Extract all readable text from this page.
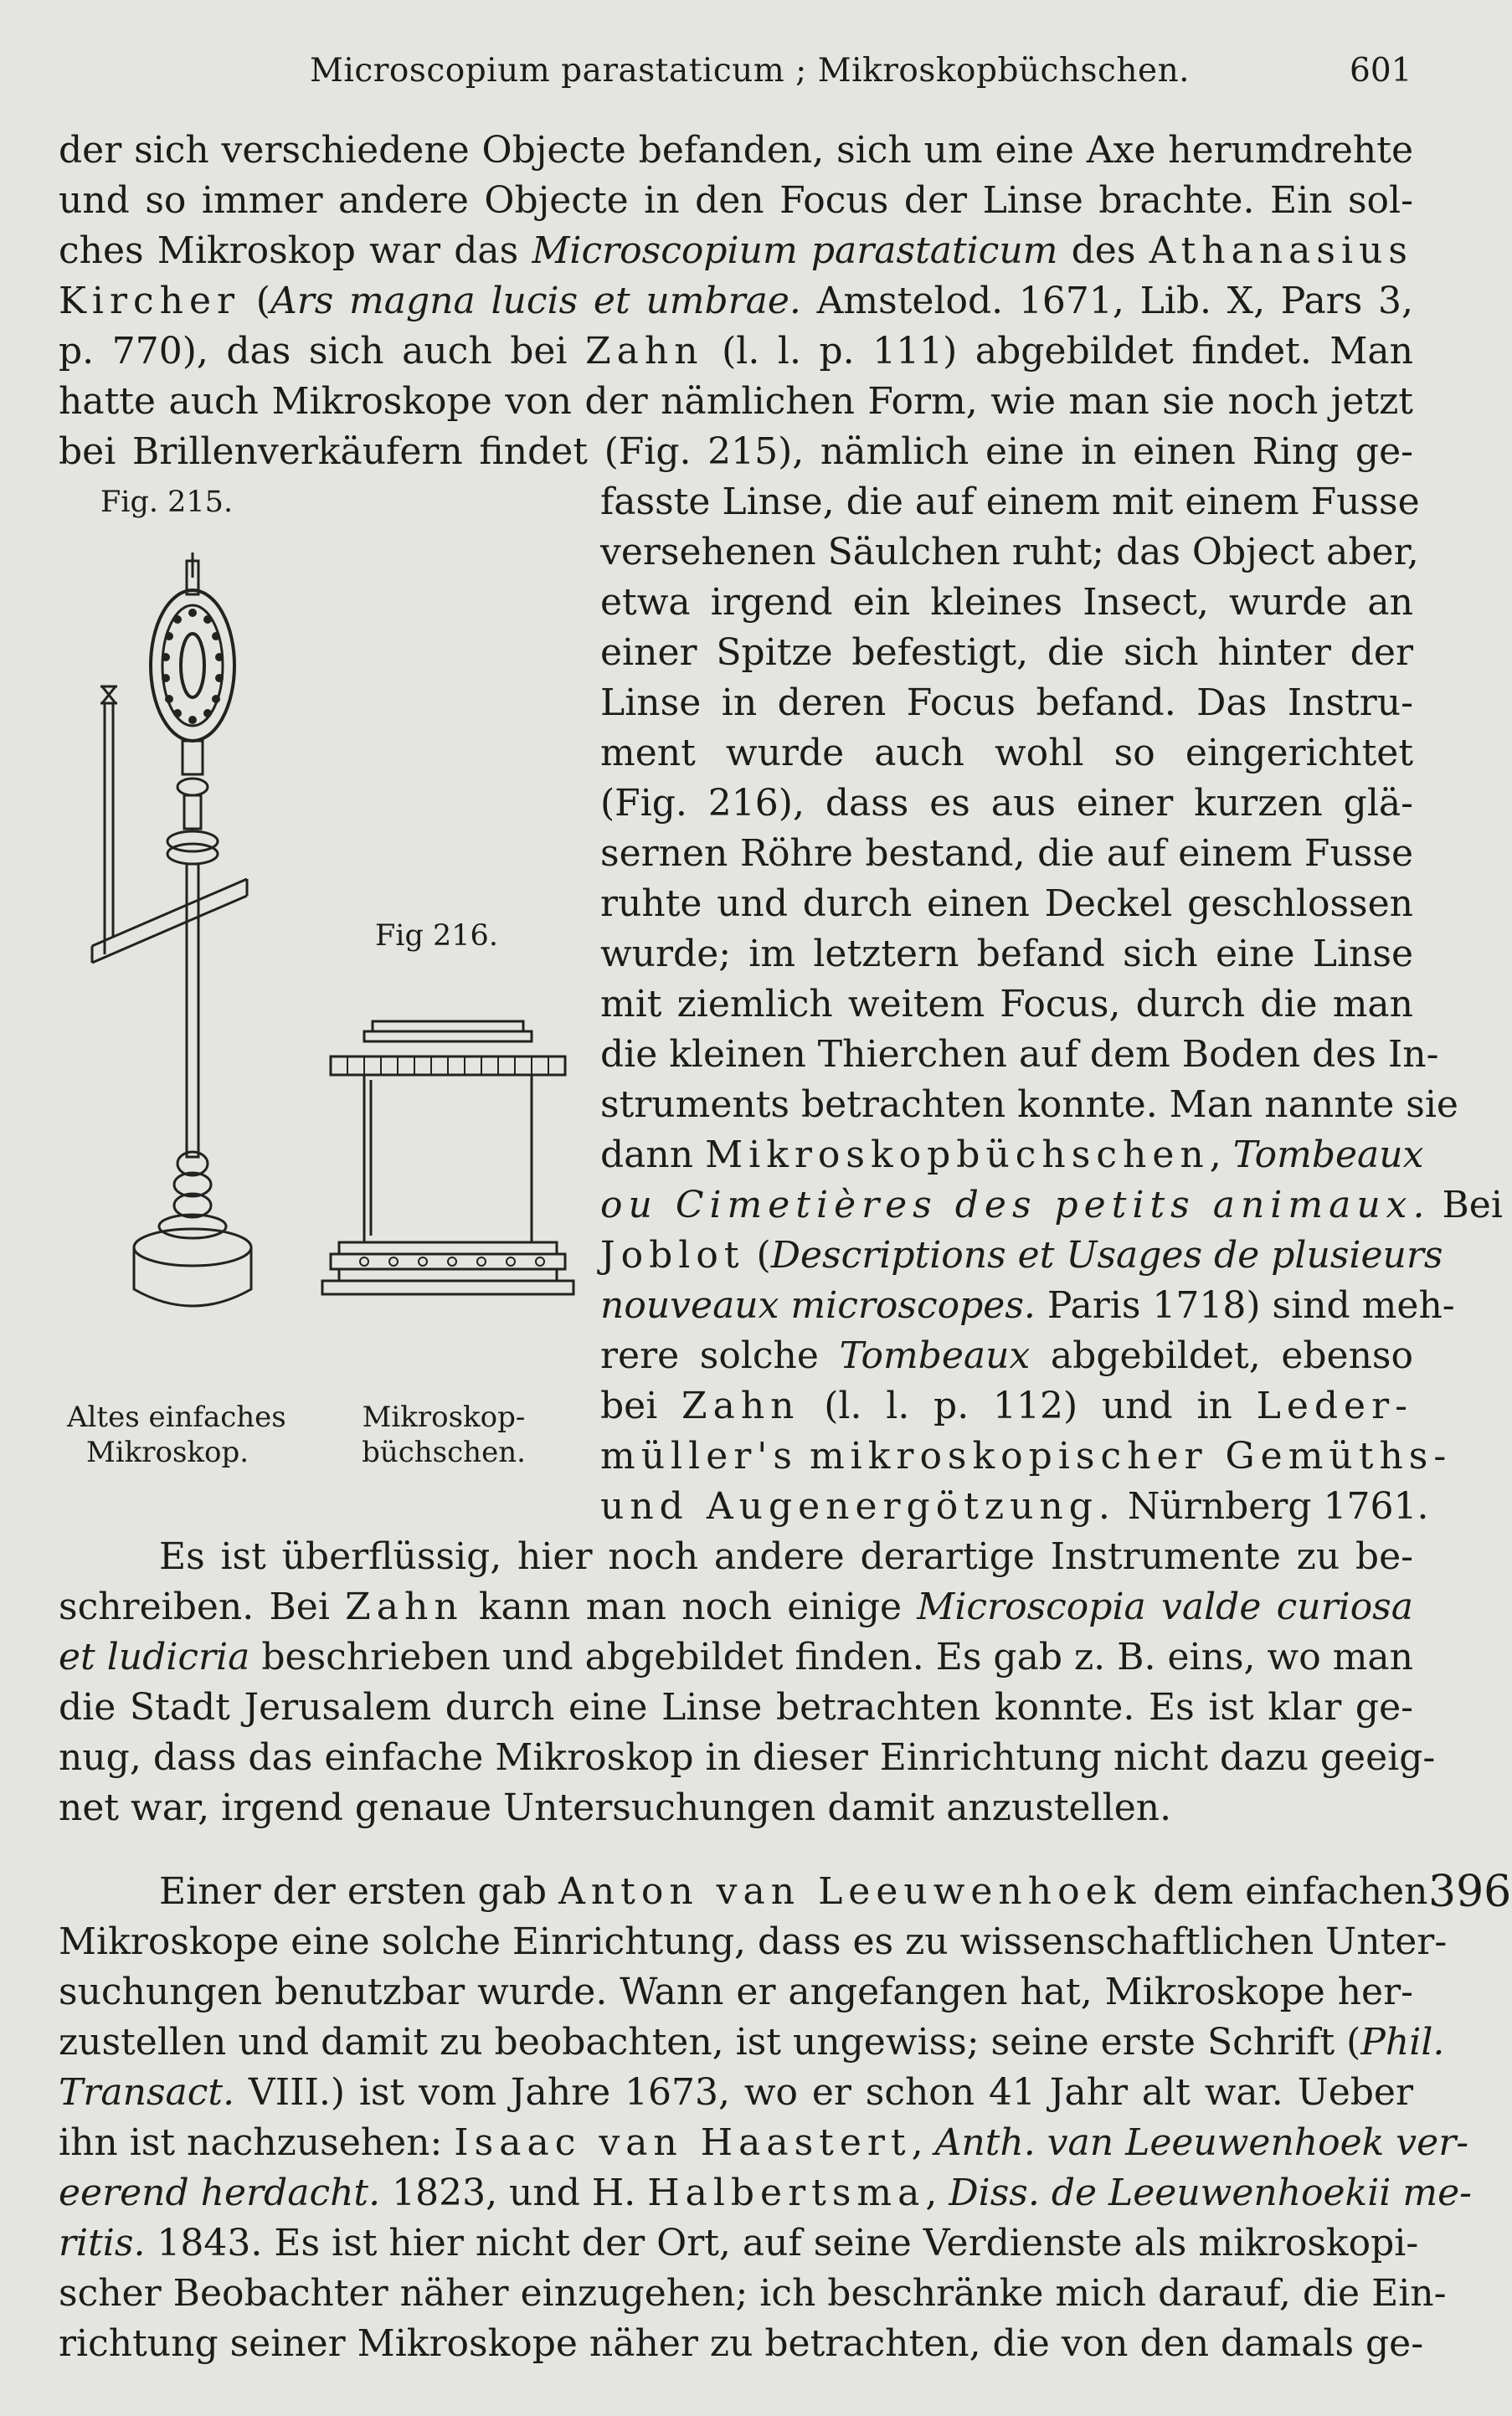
Microscopium parastaticum ; Mikroskopbüchschen.	601
der sich verschiedene Objecte befanden, sich um eine Axe herumdrehte
und so immer andere Objecte in den Focus der Linse brachte. Ein sol-
ches Mikroskop war das Microscopium parastaticum des Athanasius
Kircher (Ars magna lucis et umbrae. Amstelod. 1671, Lib. X, Pars 3,
p. 770), das sich auch bei Zahn (l. l. p. 111) abgebildet findet. Man
hatte auch Mikroskope von der nämlichen Form, wie man sie noch jetzt
bei Brillenverkäufern findet (Fig. 215), nämlich eine in einen Ring ge-
fasste Linse, die auf einem mit einem Fusse
versehenen Säulchen ruht; das Object aber,
etwa irgend ein kleines Insect, wurde an
einer Spitze befestigt, die sich hinter der
Linse in deren Focus befand. Das Instru-
ment wurde auch wohl so eingerichtet
(Fig. 216), dass es aus einer kurzen glä-
sernen Röhre bestand, die auf einem Fusse
ruhte und durch einen Deckel geschlossen
wurde; im letztern befand sich eine Linse
mit ziemlich weitem Focus, durch die man
die kleinen Thierchen auf dem Boden des In-
struments betrachten konnte. Man nannte sie
dann Mikroskopbüchschen, Tombeaux
ou Cimetières des petits animaux. Bei
Joblot (Descriptions et Usages de plusieurs
nouveaux microscopes. Paris 1718) sind meh-
rere solche Tombeaux abgebildet, ebenso
bei Zahn (l. l. p. 112) und in Leder-
müller's mikroskopischer Gemüths-
und Augenergötzung. Nürnberg 1761.
Fig. 215.
Altes einfaches
Mikroskop.
Fig 216.
Mikroskop-
büchschen.
Es ist überflüssig, hier noch andere derartige Instrumente zu be-
schreiben. Bei Zahn kann man noch einige Microscopia valde curiosa
et ludicria beschrieben und abgebildet finden. Es gab z. B. eins, wo man
die Stadt Jerusalem durch eine Linse betrachten konnte. Es ist klar ge-
nug, dass das einfache Mikroskop in dieser Einrichtung nicht dazu geeig-
net war, irgend genaue Untersuchungen damit anzustellen.
396
Einer der ersten gab Anton van Leeuwenhoek dem einfachen
Mikroskope eine solche Einrichtung, dass es zu wissenschaftlichen Unter-
suchungen benutzbar wurde. Wann er angefangen hat, Mikroskope her-
zustellen und damit zu beobachten, ist ungewiss; seine erste Schrift (Phil.
Transact. VIII.) ist vom Jahre 1673, wo er schon 41 Jahr alt war. Ueber
ihn ist nachzusehen: Isaac van Haastert, Anth. van Leeuwenhoek ver-
eerend herdacht. 1823, und H. Halbertsma, Diss. de Leeuwenhoekii me-
ritis. 1843. Es ist hier nicht der Ort, auf seine Verdienste als mikroskopi-
scher Beobachter näher einzugehen; ich beschränke mich darauf, die Ein-
richtung seiner Mikroskope näher zu betrachten, die von den damals ge-
